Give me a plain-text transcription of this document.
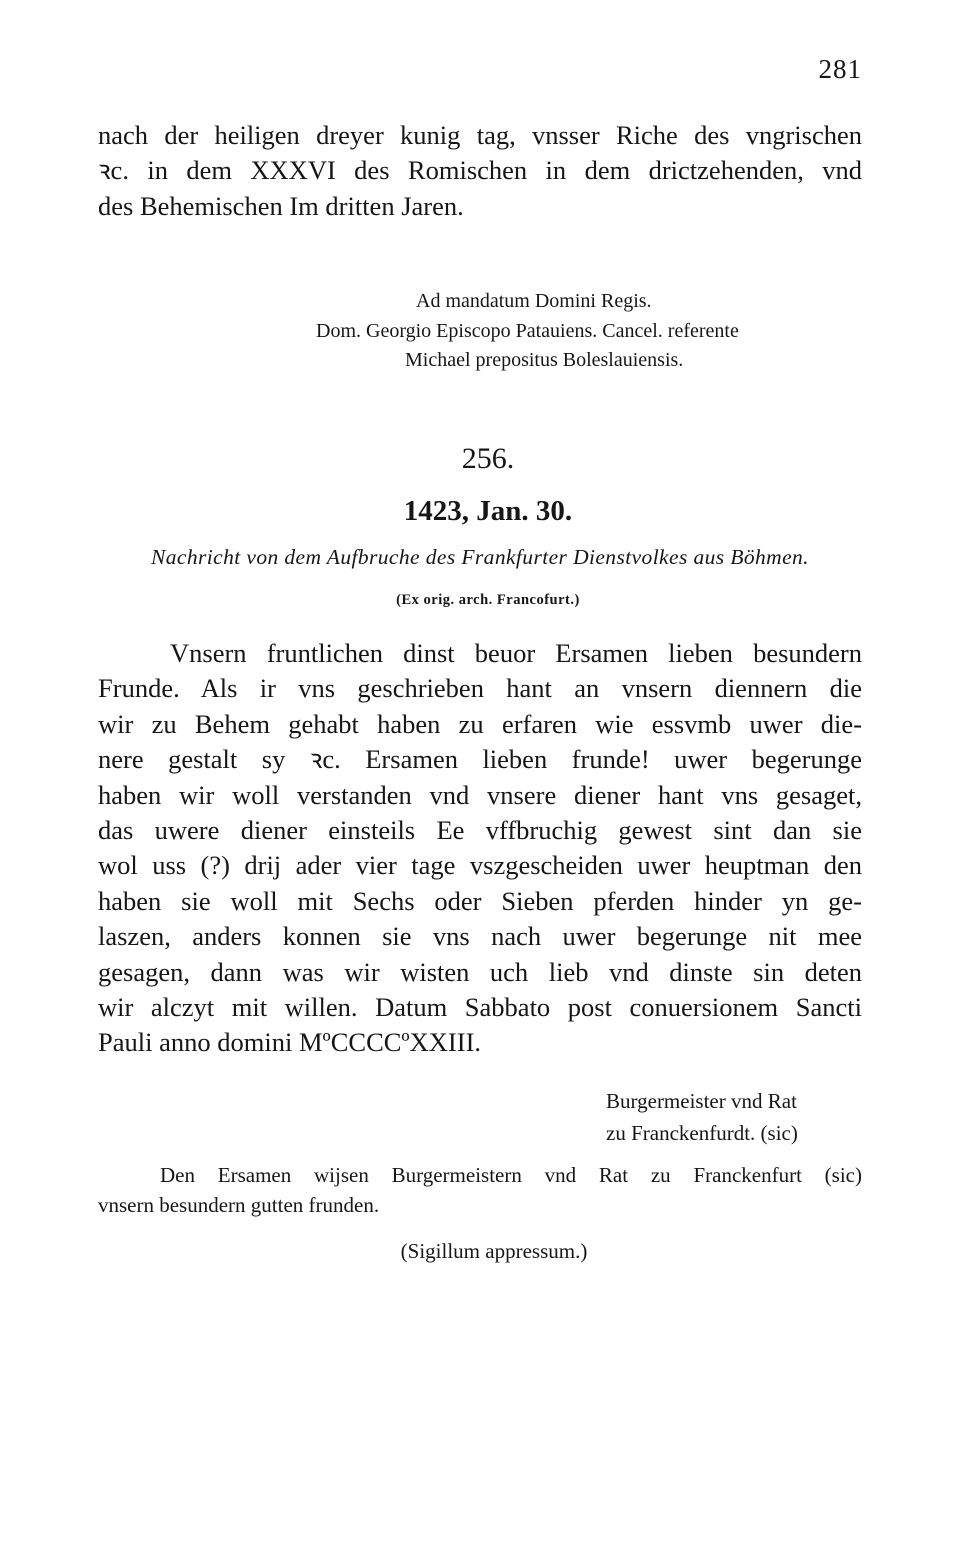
281

nach der heiligen dreyer kunig tag, vnsser Riche des vngrischen
ꝛc. in dem XXXVI des Romischen in dem drictzehenden, vnd
des Behemischen Im dritten Jaren.

Ad mandatum Domini Regis.
Dom. Georgio Episcopo Patauiens. Cancel. referente
Michael prepositus Boleslauiensis.
256.
1423, Jan. 30.
Nachricht von dem Aufbruche des Frankfurter Dienstvolkes aus Böhmen.
(Ex orig. arch. Francofurt.)

Vnsern fruntlichen dinst beuor Ersamen lieben besundern
Frunde. Als ir vns geschrieben hant an vnsern diennern die
wir zu Behem gehabt haben zu erfaren wie essvmb uwer die-
nere gestalt sy ꝛc. Ersamen lieben frunde! uwer begerunge
haben wir woll verstanden vnd vnsere diener hant vns gesaget,
das uwere diener einsteils Ee vffbruchig gewest sint dan sie
wol uss (?) drij ader vier tage vszgescheiden uwer heuptman den
haben sie woll mit Sechs oder Sieben pferden hinder yn ge-
laszen, anders konnen sie vns nach uwer begerunge nit mee
gesagen, dann was wir wisten uch lieb vnd dinste sin deten
wir alczyt mit willen. Datum Sabbato post conuersionem Sancti
Pauli anno domini MºCCCCºXXIII.

Burgermeister vnd Rat
zu Franckenfurdt. (sic)
Den Ersamen wijsen Burgermeistern vnd Rat zu Franckenfurt (sic)
vnsern besundern gutten frunden.
(Sigillum appressum.)
